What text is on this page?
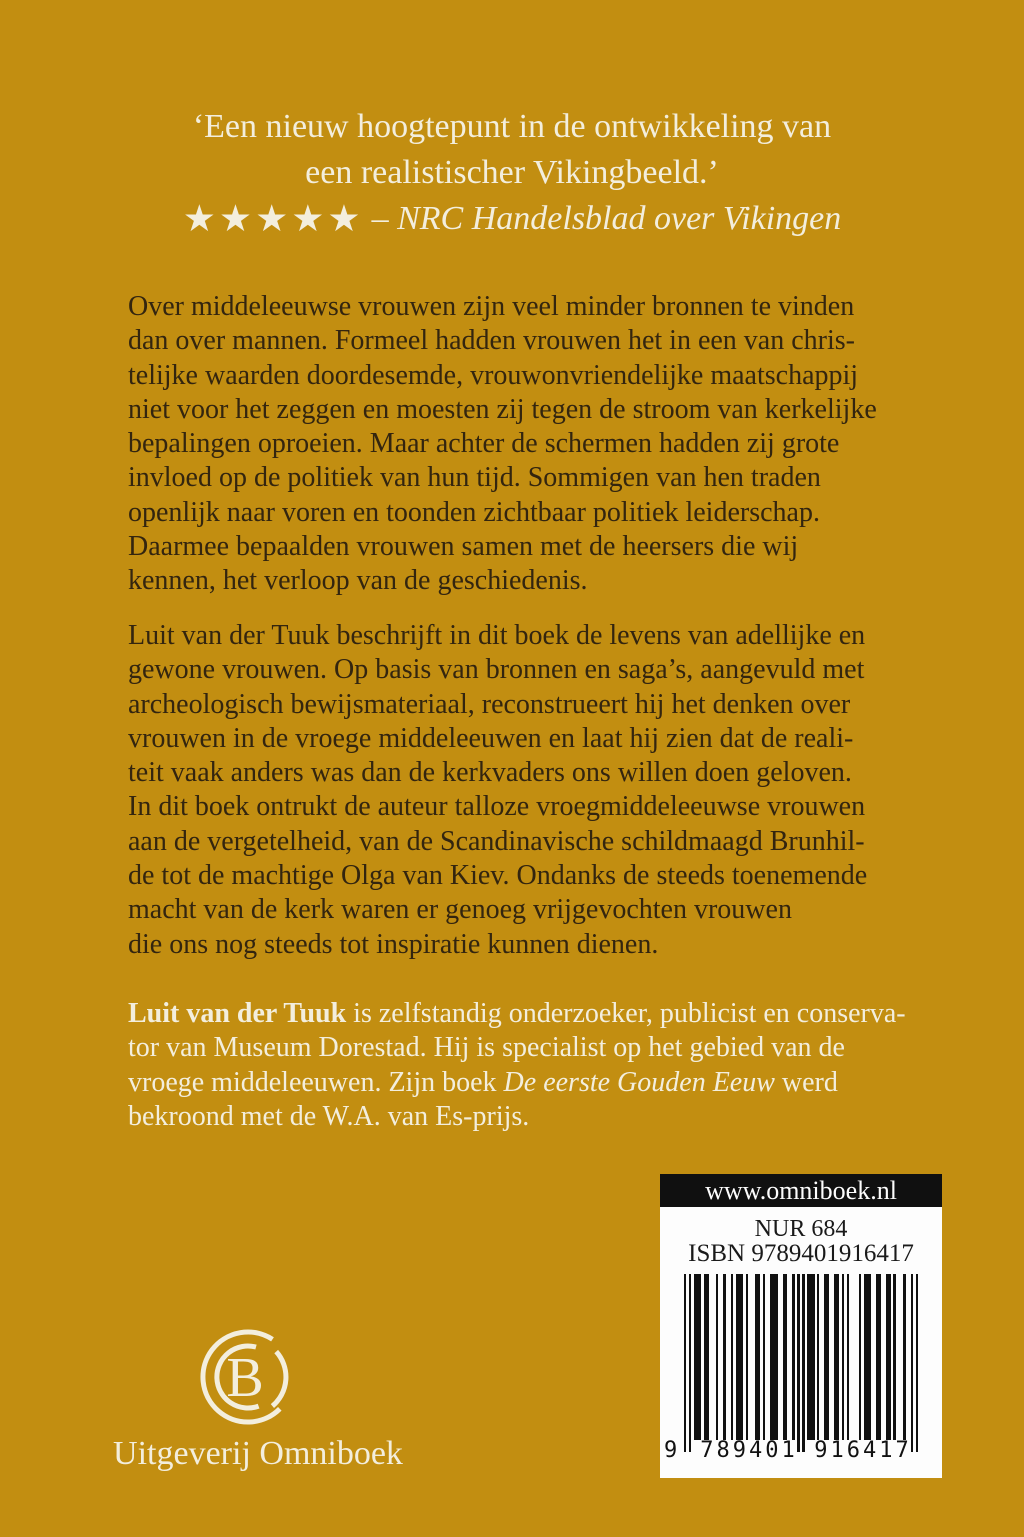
‘Een nieuw hoogtepunt in de ontwikkeling van
een realistischer Vikingbeeld.’
★★★★★ – NRC Handelsblad over Vikingen
Over middeleeuwse vrouwen zijn veel minder bronnen te vinden
dan over mannen. Formeel hadden vrouwen het in een van chris-
telijke waarden doordesemde, vrouwonvriendelijke maatschappij
niet voor het zeggen en moesten zij tegen de stroom van kerkelijke
bepalingen oproeien. Maar achter de schermen hadden zij grote
invloed op de politiek van hun tijd. Sommigen van hen traden
openlijk naar voren en toonden zichtbaar politiek leiderschap.
Daarmee bepaalden vrouwen samen met de heersers die wij
kennen, het verloop van de geschiedenis.
Luit van der Tuuk beschrijft in dit boek de levens van adellijke en
gewone vrouwen. Op basis van bronnen en saga’s, aangevuld met
archeologisch bewijsmateriaal, reconstrueert hij het denken over
vrouwen in de vroege middeleeuwen en laat hij zien dat de reali-
teit vaak anders was dan de kerkvaders ons willen doen geloven.
In dit boek ontrukt de auteur talloze vroegmiddeleeuwse vrouwen
aan de vergetelheid, van de Scandinavische schildmaagd Brunhil-
de tot de machtige Olga van Kiev. Ondanks de steeds toenemende
macht van de kerk waren er genoeg vrijgevochten vrouwen
die ons nog steeds tot inspiratie kunnen dienen.
Luit van der Tuuk is zelfstandig onderzoeker, publicist en conserva-
tor van Museum Dorestad. Hij is specialist op het gebied van de
vroege middeleeuwen. Zijn boek De eerste Gouden Eeuw werd
bekroond met de W.A. van Es-prijs.
B
Uitgeverij Omniboek
www.omniboek.nl
NUR 684
ISBN 9789401916417
9 789401 916417
